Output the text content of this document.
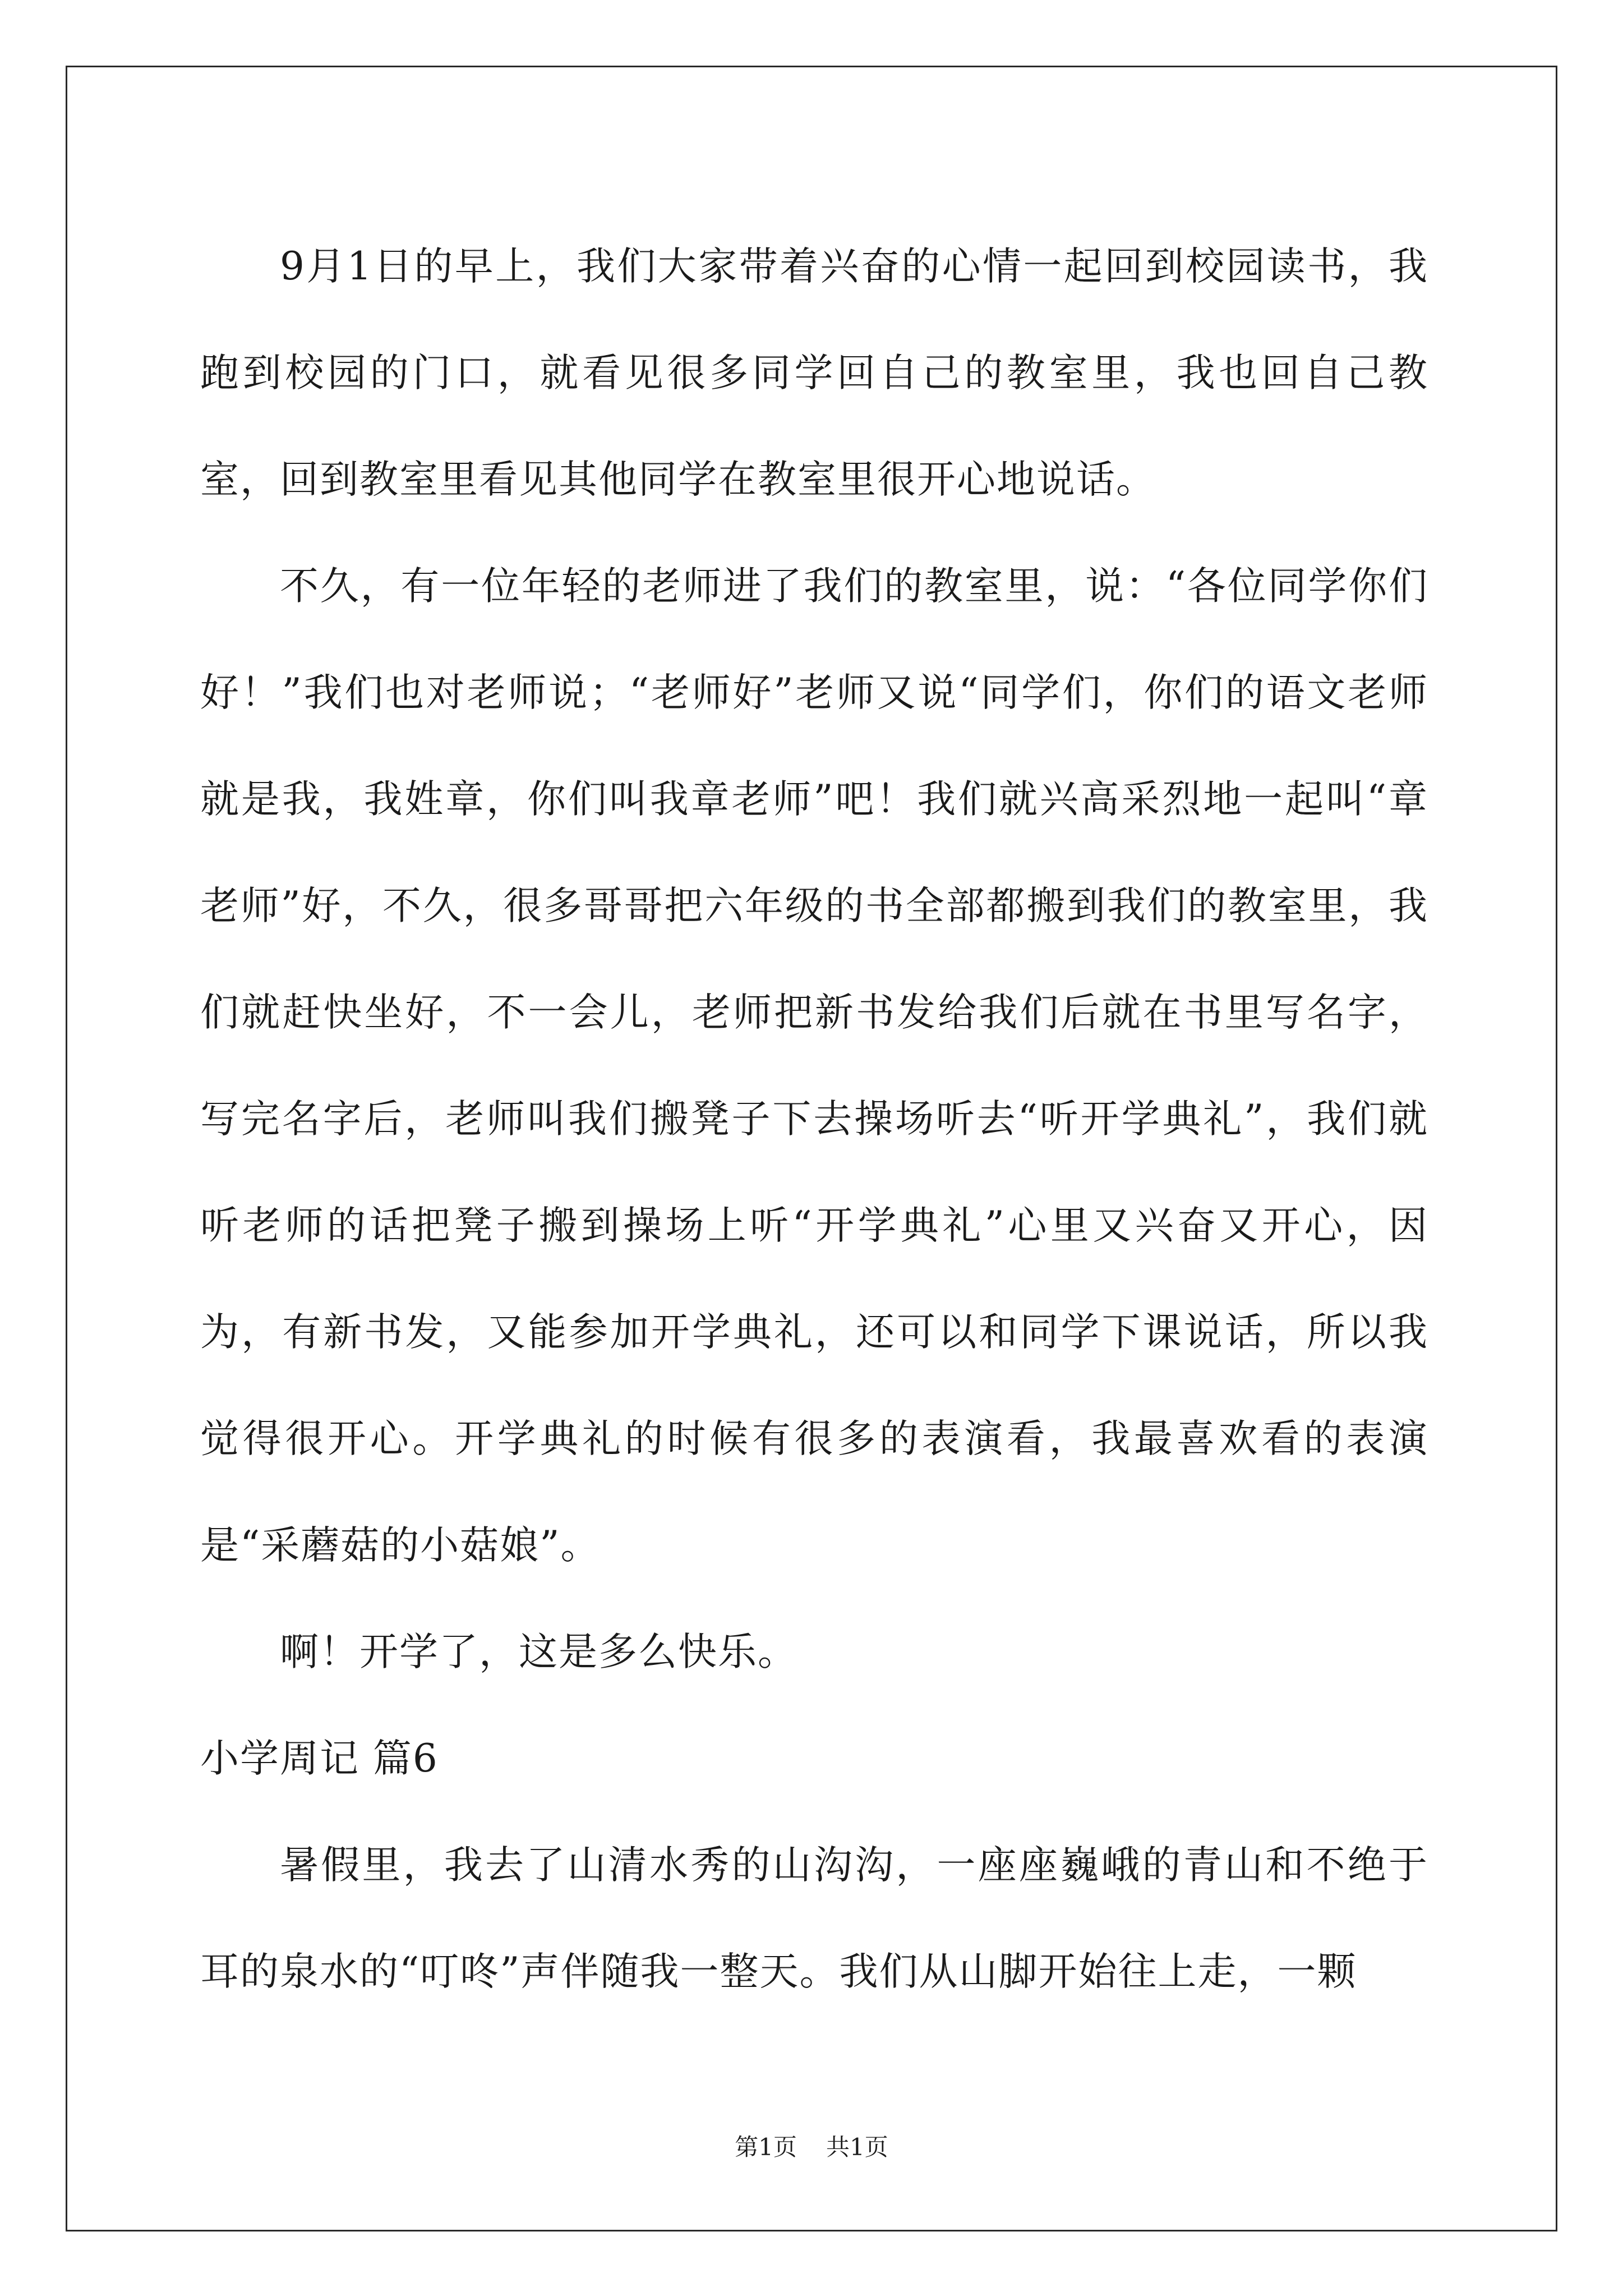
9月1日的早上，我们大家带着兴奋的心情一起回到校园读书，我跑到校园的门口，就看见很多同学回自己的教室里，我也回自己教室，回到教室里看见其他同学在教室里很开心地说话。

不久，有一位年轻的老师进了我们的教室里，说：“各位同学你们好！”我们也对老师说；“老师好”老师又说“同学们，你们的语文老师就是我，我姓章，你们叫我章老师”吧！我们就兴高采烈地一起叫“章老师”好，不久，很多哥哥把六年级的书全部都搬到我们的教室里，我们就赶快坐好，不一会儿，老师把新书发给我们后就在书里写名字，写完名字后，老师叫我们搬凳子下去操场听去“听开学典礼”，我们就听老师的话把凳子搬到操场上听“开学典礼”心里又兴奋又开心，因为，有新书发，又能参加开学典礼，还可以和同学下课说话，所以我觉得很开心。开学典礼的时候有很多的表演看，我最喜欢看的表演是“采蘑菇的小菇娘”。

啊！开学了，这是多么快乐。

小学周记 篇6

暑假里，我去了山清水秀的山沟沟，一座座巍峨的青山和不绝于耳的泉水的“叮咚”声伴随我一整天。我们从山脚开始往上走，一颗

第1页 共1页
